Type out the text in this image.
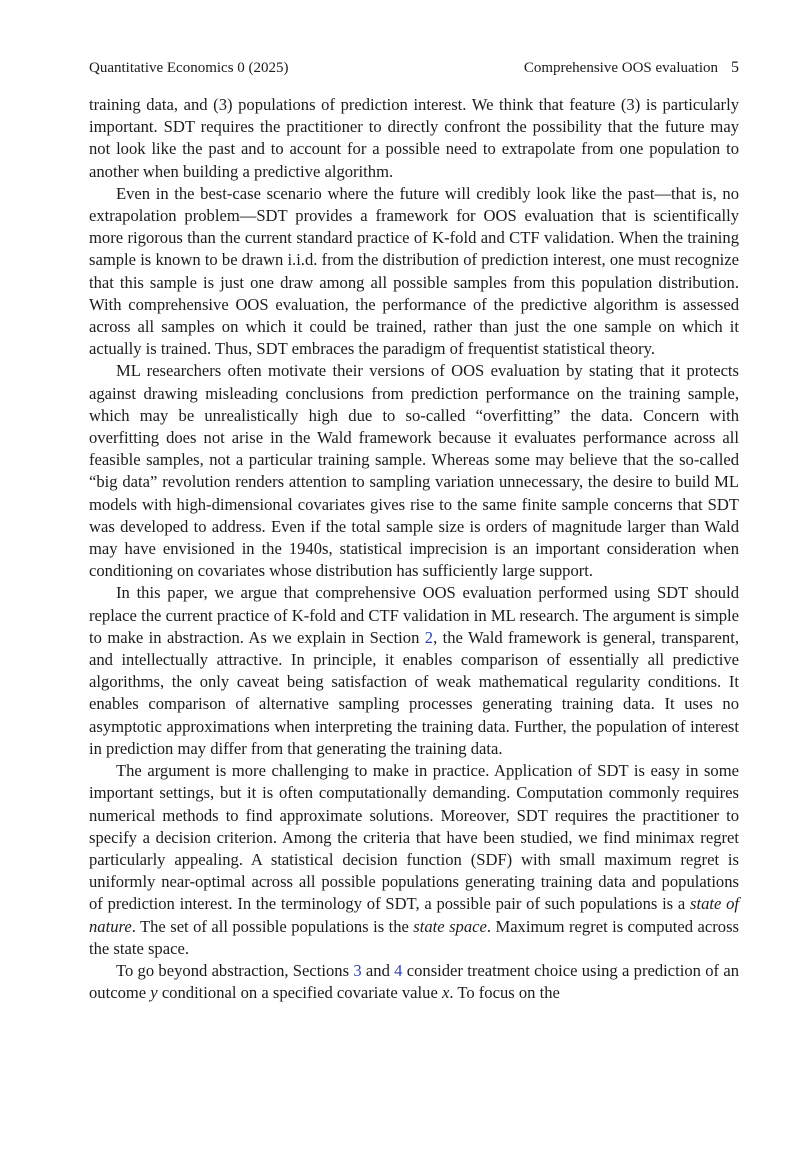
Quantitative Economics 0 (2025)	Comprehensive OOS evaluation 5

training data, and (3) populations of prediction interest. We think that feature (3) is particularly important. SDT requires the practitioner to directly confront the possibility that the future may not look like the past and to account for a possible need to extrapolate from one population to another when building a predictive algorithm.

Even in the best-case scenario where the future will credibly look like the past—that is, no extrapolation problem—SDT provides a framework for OOS evaluation that is scientifically more rigorous than the current standard practice of K-fold and CTF validation. When the training sample is known to be drawn i.i.d. from the distribution of prediction interest, one must recognize that this sample is just one draw among all possible samples from this population distribution. With comprehensive OOS evaluation, the performance of the predictive algorithm is assessed across all samples on which it could be trained, rather than just the one sample on which it actually is trained. Thus, SDT embraces the paradigm of frequentist statistical theory.

ML researchers often motivate their versions of OOS evaluation by stating that it protects against drawing misleading conclusions from prediction performance on the training sample, which may be unrealistically high due to so-called “overfitting” the data. Concern with overfitting does not arise in the Wald framework because it evaluates performance across all feasible samples, not a particular training sample. Whereas some may believe that the so-called “big data” revolution renders attention to sampling variation unnecessary, the desire to build ML models with high-dimensional covariates gives rise to the same finite sample concerns that SDT was developed to address. Even if the total sample size is orders of magnitude larger than Wald may have envisioned in the 1940s, statistical imprecision is an important consideration when conditioning on covariates whose distribution has sufficiently large support.

In this paper, we argue that comprehensive OOS evaluation performed using SDT should replace the current practice of K-fold and CTF validation in ML research. The argument is simple to make in abstraction. As we explain in Section 2, the Wald framework is general, transparent, and intellectually attractive. In principle, it enables comparison of essentially all predictive algorithms, the only caveat being satisfaction of weak mathematical regularity conditions. It enables comparison of alternative sampling processes generating training data. It uses no asymptotic approximations when interpreting the training data. Further, the population of interest in prediction may differ from that generating the training data.

The argument is more challenging to make in practice. Application of SDT is easy in some important settings, but it is often computationally demanding. Computation commonly requires numerical methods to find approximate solutions. Moreover, SDT requires the practitioner to specify a decision criterion. Among the criteria that have been studied, we find minimax regret particularly appealing. A statistical decision function (SDF) with small maximum regret is uniformly near-optimal across all possible populations generating training data and populations of prediction interest. In the terminology of SDT, a possible pair of such populations is a state of nature. The set of all possible populations is the state space. Maximum regret is computed across the state space.

To go beyond abstraction, Sections 3 and 4 consider treatment choice using a prediction of an outcome y conditional on a specified covariate value x. To focus on the
